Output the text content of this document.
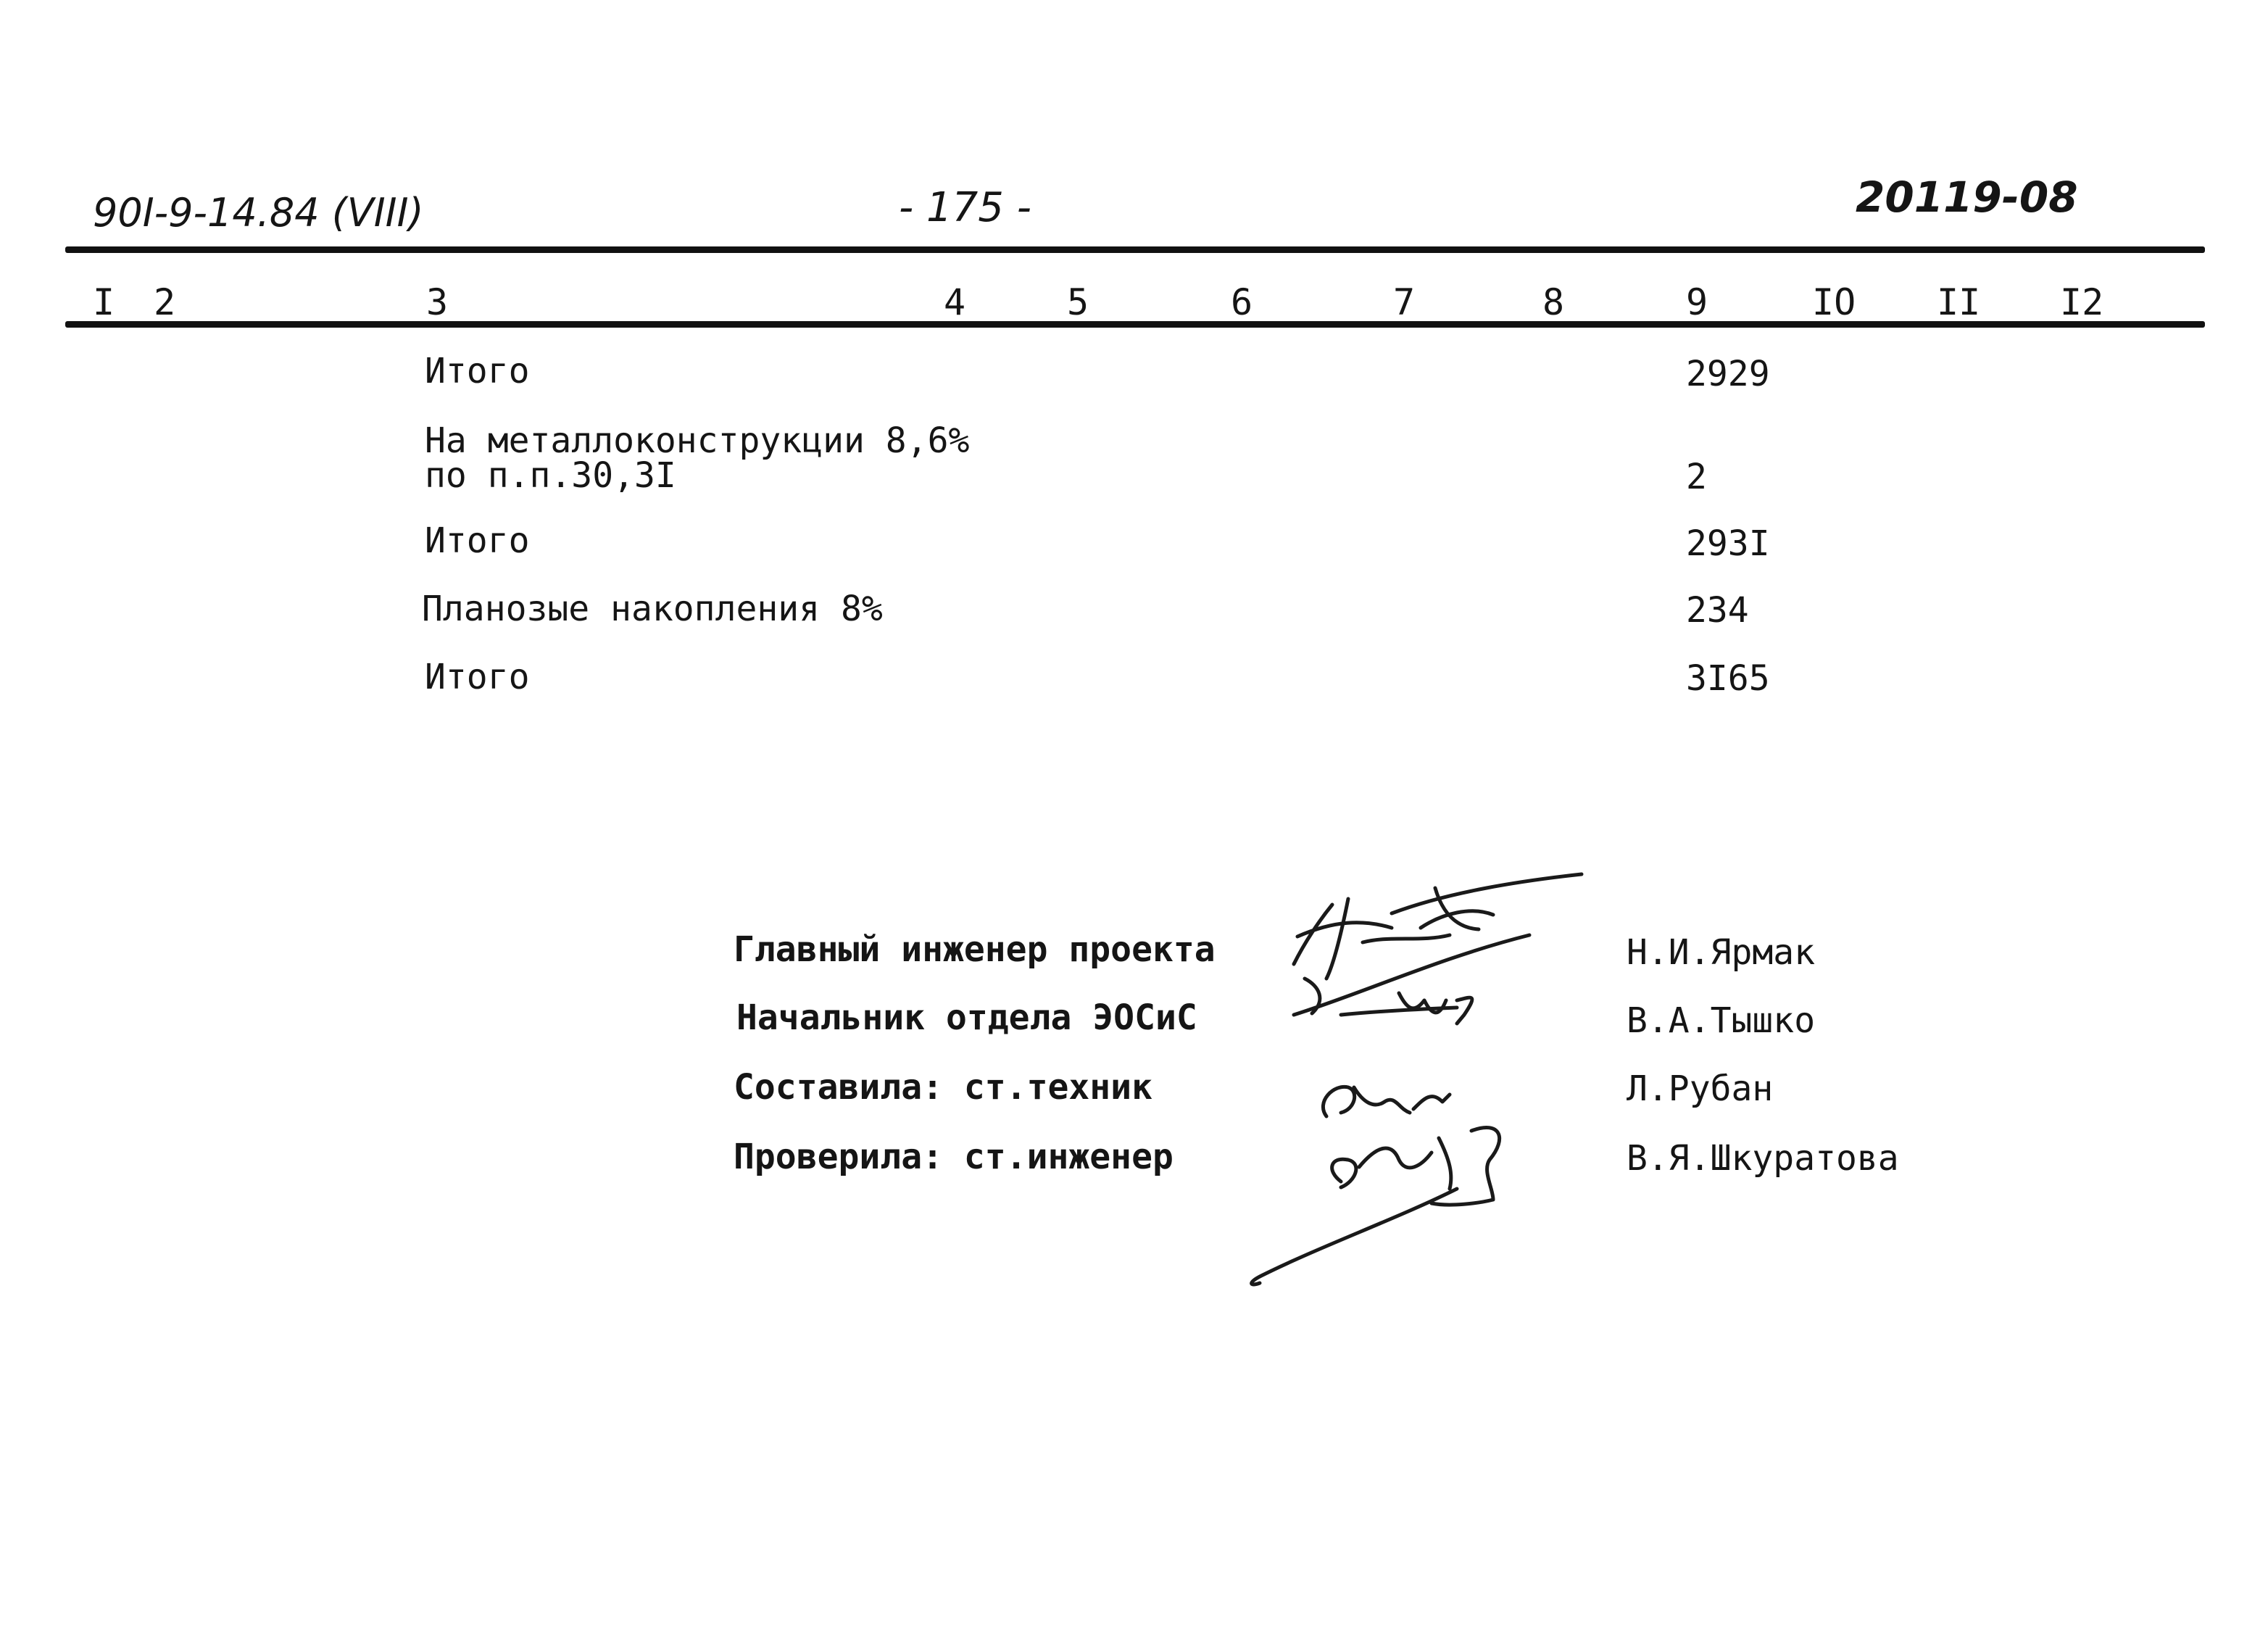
90I-9-14.84 (VIII)	- 175 -	20119-08
I 2	3	4	5	6	7	8	9	IO II I2
Итого	2929
На металлоконструкции 8,6%
по п.п.30,3I	2
Итого	293I
Планозые накопления 8%	234
Итого	3I65
Главный инженер проекта	Н.И.Ярмак
Начальник отдела ЭОСиС	В.А.Тышко
Составила: ст.техник	Л.Рубан
Проверила: ст.инженер	В.Я.Шкуратова
